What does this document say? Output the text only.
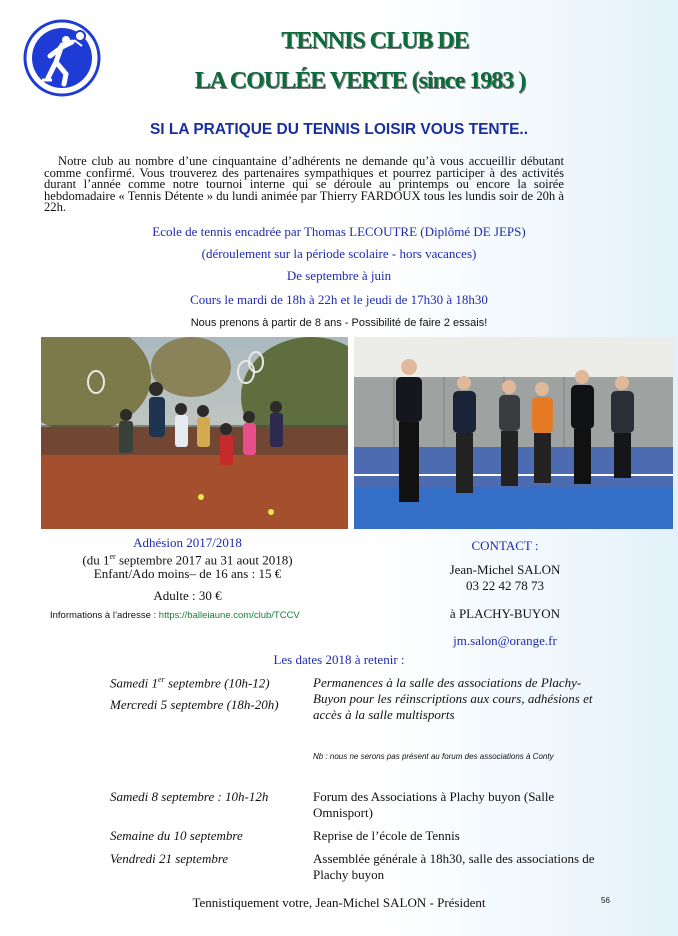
TENNIS CLUB DE
LA COULÉE VERTE (since 1983 )
SI LA PRATIQUE DU TENNIS LOISIR VOUS TENTE..

Notre club au nombre d’une cinquantaine d’adhérents ne demande qu’à vous accueillir débutant comme confirmé. Vous trouverez des partenaires sympathiques et pourrez participer à des activités durant l’année comme notre tournoi interne qui se déroule au printemps ou encore la soirée hebdomadaire « Tennis Détente » du lundi animée par Thierry FARDOUX tous les lundis soir de 20h à 22h.

Ecole de tennis encadrée par Thomas LECOUTRE (Diplômé DE JEPS)
(déroulement sur la période scolaire - hors vacances)
De septembre à juin
Cours le mardi de 18h à 22h et le jeudi de 17h30 à 18h30
Nous prenons à partir de 8 ans - Possibilité de faire 2 essais!
Adhésion 2017/2018
(du 1er septembre 2017 au 31 aout 2018)
Enfant/Ado moins– de 16 ans : 15 €
Adulte : 30 €
Informations à l’adresse : https://balleiaune.com/club/TCCV
CONTACT :
Jean-Michel SALON
03 22 42 78 73
à PLACHY-BUYON
jm.salon@orange.fr
Les dates 2018 à retenir :
Samedi 1er septembre (10h-12)
Mercredi 5 septembre (18h-20h)
Permanences à la salle des associations de Plachy-Buyon pour les réinscriptions aux cours, adhésions et accès à la salle multisports
Nb : nous ne serons pas présent au forum des associations à Conty
Samedi 8 septembre : 10h-12h	Forum des Associations à Plachy buyon (Salle Omnisport)
Semaine du 10 septembre	Reprise de l’école de Tennis
Vendredi 21 septembre	Assemblée générale à 18h30, salle des associations de Plachy buyon
Tennistiquement votre, Jean-Michel SALON - Président	56
